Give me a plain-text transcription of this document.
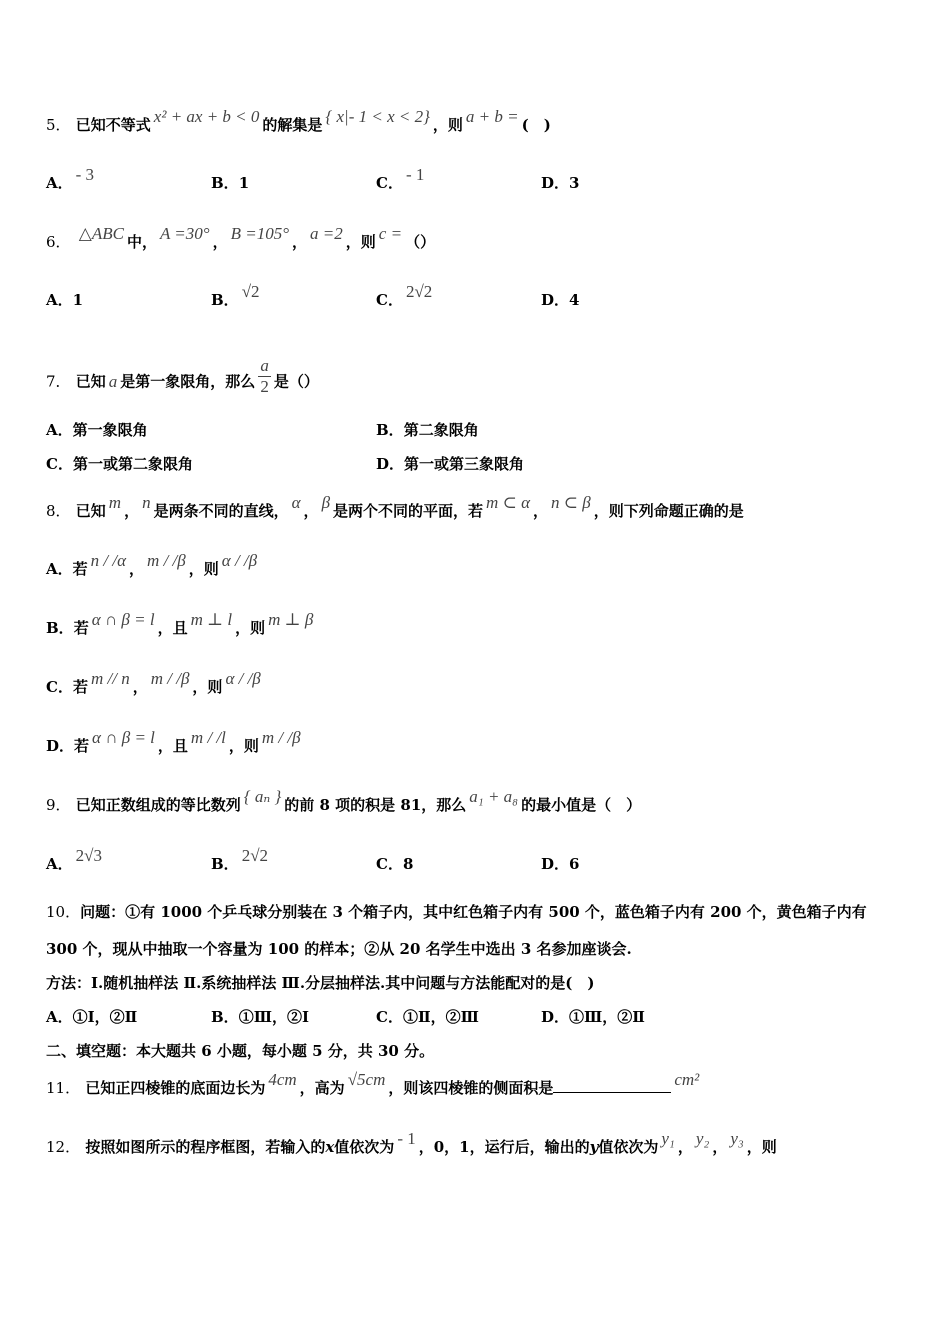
5． 已知不等式 x² + ax + b < 0 的解集是 { x|- 1 < x < 2} ，则 a + b = (　)
A． - 3	B．1	C． - 1	D．3
6． △ABC 中， A =30° ， B =105° ， a =2 ，则 c = （）
A．1	B． √2	C． 2√2	D．4
7． 已知 a 是第一象限角，那么 $\frac{a}{2}$ 是（）
A．第一象限角	B．第二象限角
C．第一或第二象限角	D．第一或第三象限角
8． 已知 m ， n 是两条不同的直线， α ， β 是两个不同的平面，若 m ⊂ α ， n ⊂ β ，则下列命题正确的是
A．若 n / /α ， m / /β ，则 α / /β
B．若 α ∩ β = l ，且 m ⊥ l ，则 m ⊥ β
C．若 m // n ， m / /β ，则 α / /β
D．若 α ∩ β = l ，且 m / /l ，则 m / /β
9． 已知正数组成的等比数列 { aₙ } 的前 8 项的积是 81，那么 a₁ + a₈ 的最小值是（　）
A． 2√3	B． 2√2	C．8	D．6
10．问题：①有 1000 个乒乓球分别装在 3 个箱子内，其中红色箱子内有 500 个，蓝色箱子内有 200 个，黄色箱子内有
300 个，现从中抽取一个容量为 100 的样本；②从 20 名学生中选出 3 名参加座谈会.
方法：Ⅰ.随机抽样法 Ⅱ.系统抽样法 Ⅲ.分层抽样法.其中问题与方法能配对的是(　)
A．①Ⅰ，②Ⅱ	B．①Ⅲ，②Ⅰ	C．①Ⅱ，②Ⅲ	D．①Ⅲ，②Ⅱ
二、填空题：本大题共 6 小题，每小题 5 分，共 30 分。
11． 已知正四棱锥的底面边长为 4cm ，高为 √5cm ，则该四棱锥的侧面积是	cm²
12． 按照如图所示的程序框图，若输入的x值依次为 - 1 ，0，1，运行后，输出的y值依次为 y₁ ， y₂ ， y₃ ，则
